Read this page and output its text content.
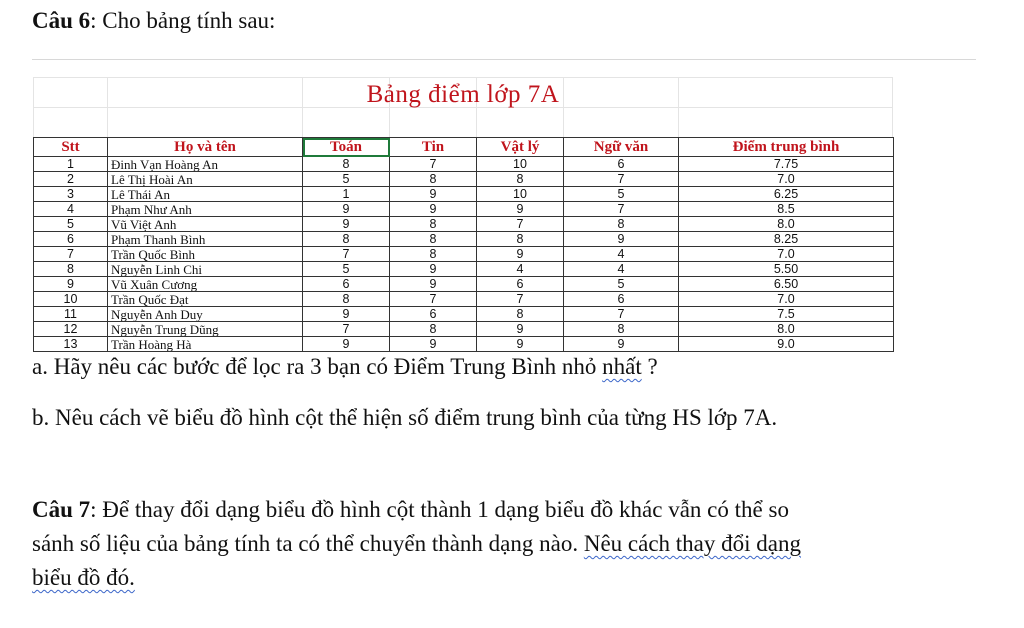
Câu 6: Cho bảng tính sau:
Bảng điểm lớp 7A
Stt	Họ và tên	Toán	Tin	Vật lý	Ngữ văn	Điểm trung bình
1	Đinh Vạn Hoàng An	8	7	10	6	7.75
2	Lê Thị Hoài An	5	8	8	7	7.0
3	Lê Thái An	1	9	10	5	6.25
4	Phạm Như Anh	9	9	9	7	8.5
5	Vũ Việt Anh	9	8	7	8	8.0
6	Phạm Thanh Bình	8	8	8	9	8.25
7	Trần Quốc Bình	7	8	9	4	7.0
8	Nguyễn Linh Chi	5	9	4	4	5.50
9	Vũ Xuân Cương	6	9	6	5	6.50
10	Trần Quốc Đạt	8	7	7	6	7.0
11	Nguyễn Anh Duy	9	6	8	7	7.5
12	Nguyễn Trung Dũng	7	8	9	8	8.0
13	Trần Hoàng Hà	9	9	9	9	9.0
a. Hãy nêu các bước để lọc ra 3 bạn có Điểm Trung Bình nhỏ nhất ?
b. Nêu cách vẽ biểu đồ hình cột thể hiện số điểm trung bình của từng HS lớp 7A.
Câu 7: Để thay đổi dạng biểu đồ hình cột thành 1 dạng biểu đồ khác vẫn có thể so
sánh số liệu của bảng tính ta có thể chuyển thành dạng nào. Nêu cách thay đổi dạng
biểu đồ đó.
